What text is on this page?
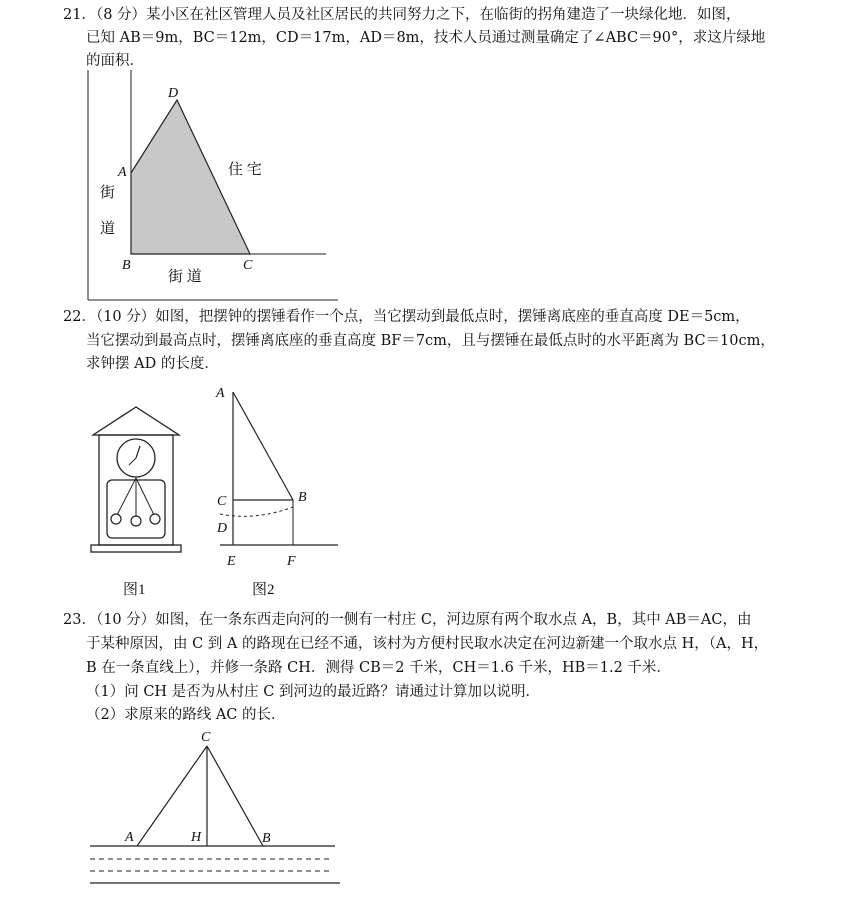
21．（8 分）某小区在社区管理人员及社区居民的共同努力之下，在临街的拐角建造了一块绿化地．如图，
已知 AB＝9m，BC＝12m，CD＝17m，AD＝8m，技术人员通过测量确定了∠ABC＝90°，求这片绿地
的面积．
D
A
B	C
住 宅
街
道
街 道
22．（10 分）如图，把摆钟的摆锤看作一个点，当它摆动到最低点时，摆锤离底座的垂直高度 DE＝5cm，
当它摆动到最高点时，摆锤离底座的垂直高度 BF＝7cm，且与摆锤在最低点时的水平距离为 BC＝10cm，
求钟摆 AD 的长度．
图1
A
C
D
B
E	F
图2
23．（10 分）如图，在一条东西走向河的一侧有一村庄 C，河边原有两个取水点 A，B，其中 AB＝AC，由
于某种原因，由 C 到 A 的路现在已经不通，该村为方便村民取水决定在河边新建一个取水点 H，（A，H，
B 在一条直线上），并修一条路 CH．测得 CB＝2 千米，CH＝1.6 千米，HB＝1.2 千米．
（1）问 CH 是否为从村庄 C 到河边的最近路？请通过计算加以说明．
（2）求原来的路线 AC 的长．
C
A	H	B
